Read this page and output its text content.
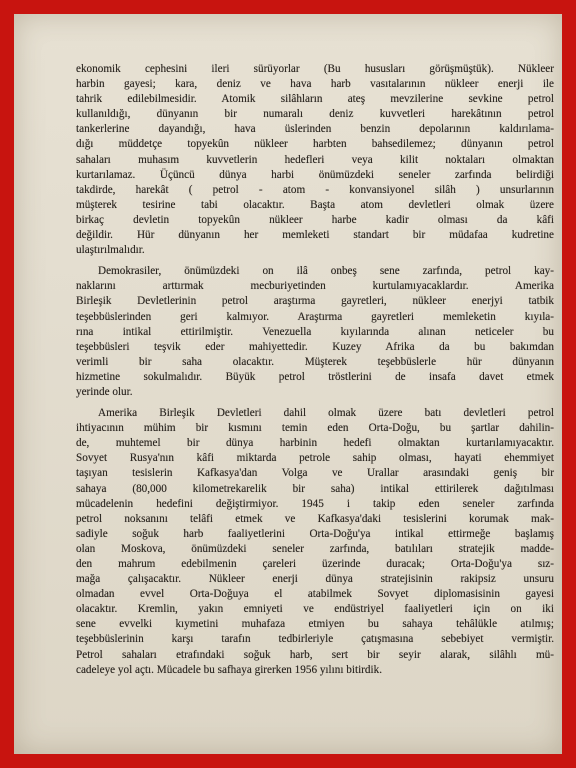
ekonomik cephesini ileri sürüyorlar (Bu hususları görüşmüştük). Nükleer
harbin gayesi; kara, deniz ve hava harb vasıtalarının nükleer enerji ile
tahrik edilebilmesidir. Atomik silâhların ateş mevzilerine sevkine petrol
kullanıldığı, dünyanın bir numaralı deniz kuvvetleri harekâtının petrol
tankerlerine dayandığı, hava üslerinden benzin depolarının kaldırılama-
dığı müddetçe topyekûn nükleer harbten bahsedilemez; dünyanın petrol
sahaları muhasım kuvvetlerin hedefleri veya kilit noktaları olmaktan
kurtarılamaz. Üçüncü dünya harbi önümüzdeki seneler zarfında belirdiği
takdirde, harekât ( petrol - atom - konvansiyonel silâh ) unsurlarının
müşterek tesirine tabi olacaktır. Başta atom devletleri olmak üzere
birkaç devletin topyekûn nükleer harbe kadir olması da kâfi
değildir. Hür dünyanın her memleketi standart bir müdafaa kudretine
ulaştırılmalıdır.

Demokrasiler, önümüzdeki on ilâ onbeş sene zarfında, petrol kay-
naklarını arttırmak mecburiyetinden kurtulamıyacaklardır. Amerika
Birleşik Devletlerinin petrol araştırma gayretleri, nükleer enerjyi tatbik
teşebbüslerinden geri kalmıyor. Araştırma gayretleri memleketin kıyıla-
rına intikal ettirilmiştir. Venezuella kıyılarında alınan neticeler bu
teşebbüsleri teşvik eder mahiyettedir. Kuzey Afrika da bu bakımdan
verimli bir saha olacaktır. Müşterek teşebbüslerle hür dünyanın
hizmetine sokulmalıdır. Büyük petrol tröstlerini de insafa davet etmek
yerinde olur.

Amerika Birleşik Devletleri dahil olmak üzere batı devletleri petrol
ihtiyacının mühim bir kısmını temin eden Orta-Doğu, bu şartlar dahilin-
de, muhtemel bir dünya harbinin hedefi olmaktan kurtarılamıyacaktır.
Sovyet Rusya'nın kâfi miktarda petrole sahip olması, hayati ehemmiyet
taşıyan tesislerin Kafkasya'dan Volga ve Urallar arasındaki geniş bir
sahaya (80,000 kilometrekarelik bir saha) intikal ettirilerek dağıtılması
mücadelenin hedefini değiştirmiyor. 1945 i takip eden seneler zarfında
petrol noksanını telâfi etmek ve Kafkasya'daki tesislerini korumak mak-
sadiyle soğuk harb faaliyetlerini Orta-Doğu'ya intikal ettirmeğe başlamış
olan Moskova, önümüzdeki seneler zarfında, batılıları stratejik madde-
den mahrum edebilmenin çareleri üzerinde duracak; Orta-Doğu'ya sız-
mağa çalışacaktır. Nükleer enerji dünya stratejisinin rakipsiz unsuru
olmadan evvel Orta-Doğuya el atabilmek Sovyet diplomasisinin gayesi
olacaktır. Kremlin, yakın emniyeti ve endüstriyel faaliyetleri için on iki
sene evvelki kıymetini muhafaza etmiyen bu sahaya tehâlükle atılmış;
teşebbüslerinin karşı tarafın tedbirleriyle çatışmasına sebebiyet vermiştir.
Petrol sahaları etrafındaki soğuk harb, sert bir seyir alarak, silâhlı mü-
cadeleye yol açtı. Mücadele bu safhaya girerken 1956 yılını bitirdik.
